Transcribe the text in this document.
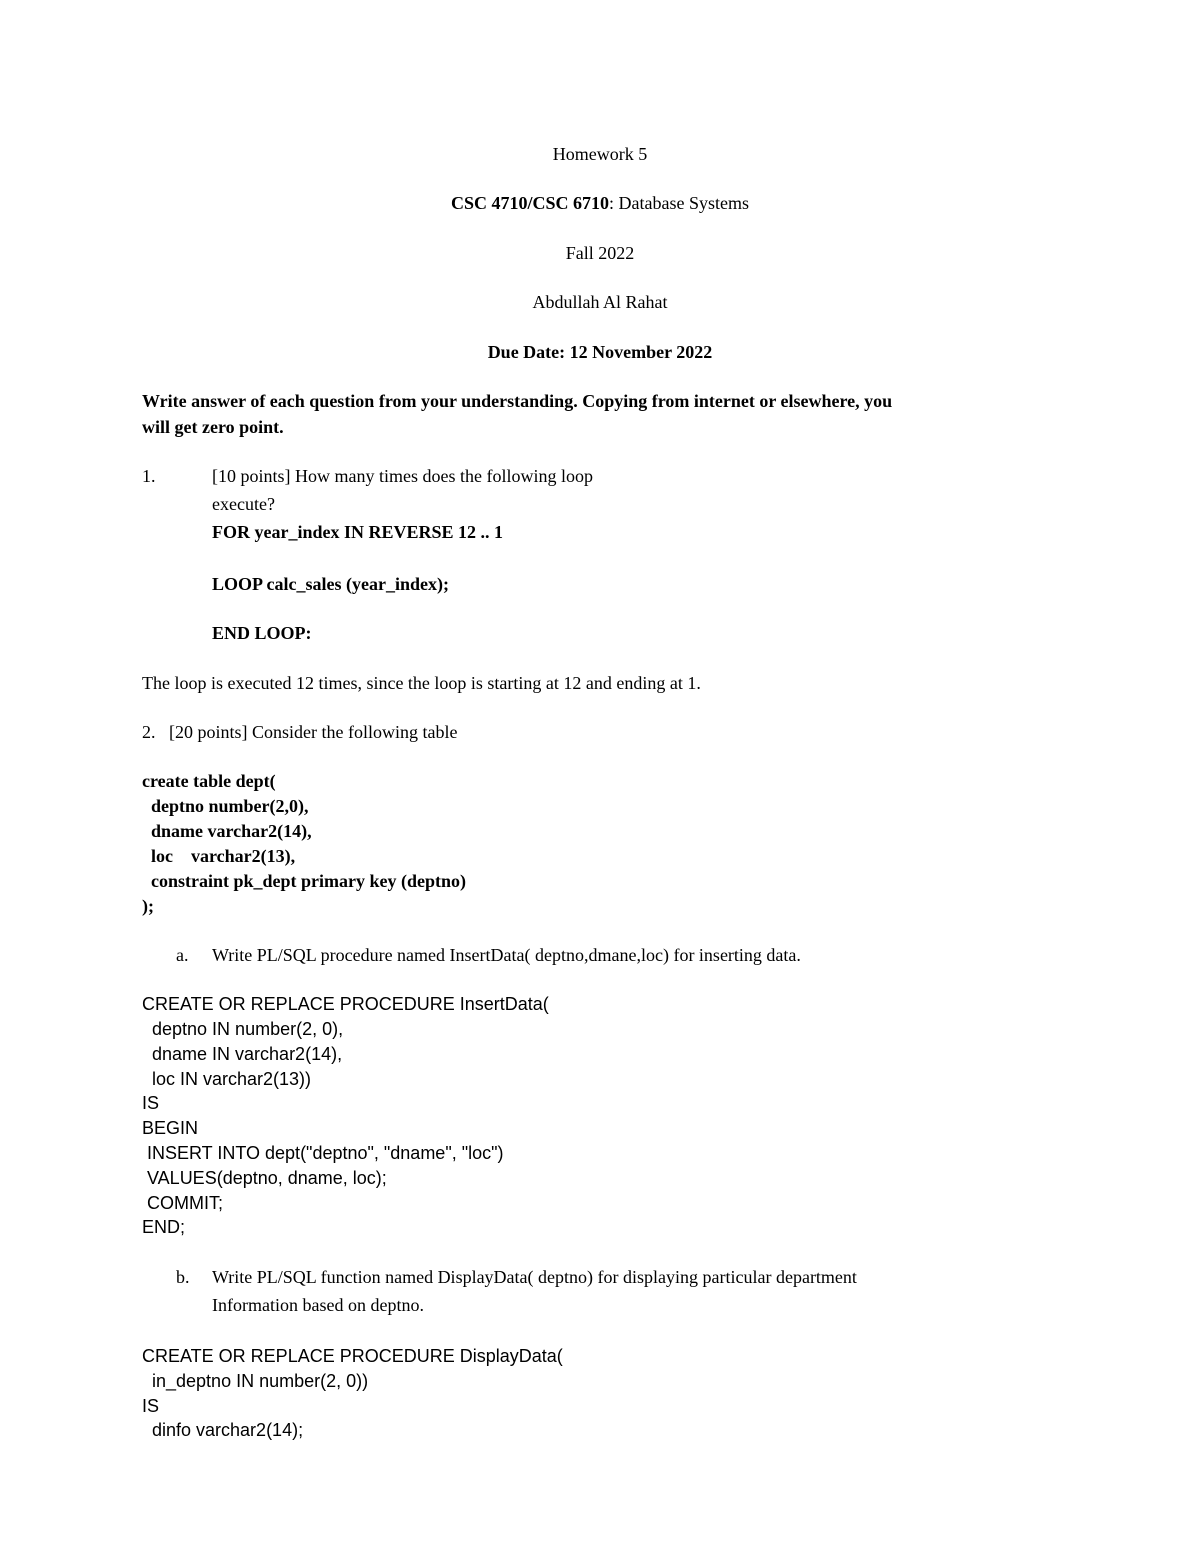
Homework 5
CSC 4710/CSC 6710: Database Systems
Fall 2022
Abdullah Al Rahat
Due Date: 12 November 2022
Write answer of each question from your understanding. Copying from internet or elsewhere, you
will get zero point.
1.	[10 points] How many times does the following loop
execute?
FOR year_index IN REVERSE 12 .. 1
LOOP calc_sales (year_index);
END LOOP:
The loop is executed 12 times, since the loop is starting at 12 and ending at 1.
2.   [20 points] Consider the following table
create table dept(
deptno number(2,0),
dname varchar2(14),
loc    varchar2(13),
constraint pk_dept primary key (deptno)
);
a. Write PL/SQL procedure named InsertData( deptno,dmane,loc) for inserting data.
CREATE OR REPLACE PROCEDURE InsertData(
deptno IN number(2, 0),
dname IN varchar2(14),
loc IN varchar2(13))
IS
BEGIN
INSERT INTO dept("deptno", "dname", "loc")
VALUES(deptno, dname, loc);
COMMIT;
END;
b. Write PL/SQL function named DisplayData( deptno) for displaying particular department
Information based on deptno.
CREATE OR REPLACE PROCEDURE DisplayData(
in_deptno IN number(2, 0))
IS
dinfo varchar2(14);
